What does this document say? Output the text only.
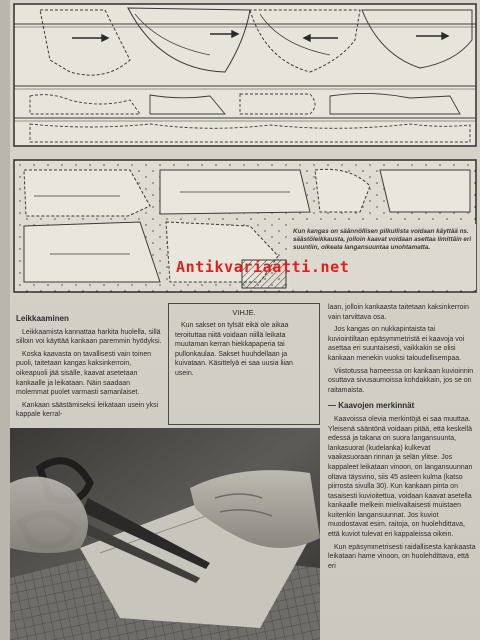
Kun kangas on säännöllisen pilkullista voidaan käyttää ns. säästöleikkausta, jolloin kaavat voidaan asettaa limittäin eri suuntiin, oikeata langansuuntaa unohtamatta.
Antikvariaatti.net
Leikkaaminen

Leikkaamista kannattaa harkita huolella, sillä silloin voi käyttää kankaan paremmin hyödyksi.

Koska kaavasta on tavallisesti vain toinen puoli, taitetaan kangas kaksinkerroin, oikeapuoli jää sisälle, kaavat asetetaan kankaalle ja leikataan. Näin saadaan molemmat puolet varmasti samanlaiset.

Kankaan säästämiseksi leikataan usein yksi kappale kerral-

VIHJE.

Kun sakset on tylsät eikä ole aikaa teroituttaa niitä voidaan niillä leikata muutaman kerran hiekkapaperia tai pullonkaulaa. Sakset huuhdellaan ja kuivataan. Käsittelyä ei saa uusia liian usein.

laan, jolloin kankaasta taitetaan kaksinkerroin vain tarvittava osa.

Jos kangas on nukkapintaista tai kuviointiltaan epäsymmetristä ei kaavoja voi asettaa eri suuntaisesti, vaikkakin se olisi kankaan menekin vuoksi taloudellisempaa.

Viistotussa hameessa on kankaan kuvioinnin osuttava sivusaumoissa kohdakkain, jos se on raitamaista.

— Kaavojen merkinnät

Kaavoissa olevia merkintöjä ei saa muuttaa. Yleisenä sääntönä voidaan pitää, että keskellä edessä ja takana on suora langansuunta, lankasuorat (kudelanka) kulkevat vaakasuoraan rinnan ja selän ylitse. Jos kappaleet leikataan vinoon, on langansuunnan oltava täysvino, siis 45 asteen kulma (katso piirrosta sivulla 30). Kun kankaan pinta on tasaisesti kuvioitettua, voidaan kaavat asetella kankaalle melkein mielivaltaisesti muistaen kuitenkin langansuunnat. Jos kuviot muodostavat esim. raitoja, on huolehdittava, että kuviot tulevat eri kappaleissa oikein.

Kun epäsymmetrisesti raidallisesta kankaasta leikataan hame vinoon, on huolehdittava, että eri
